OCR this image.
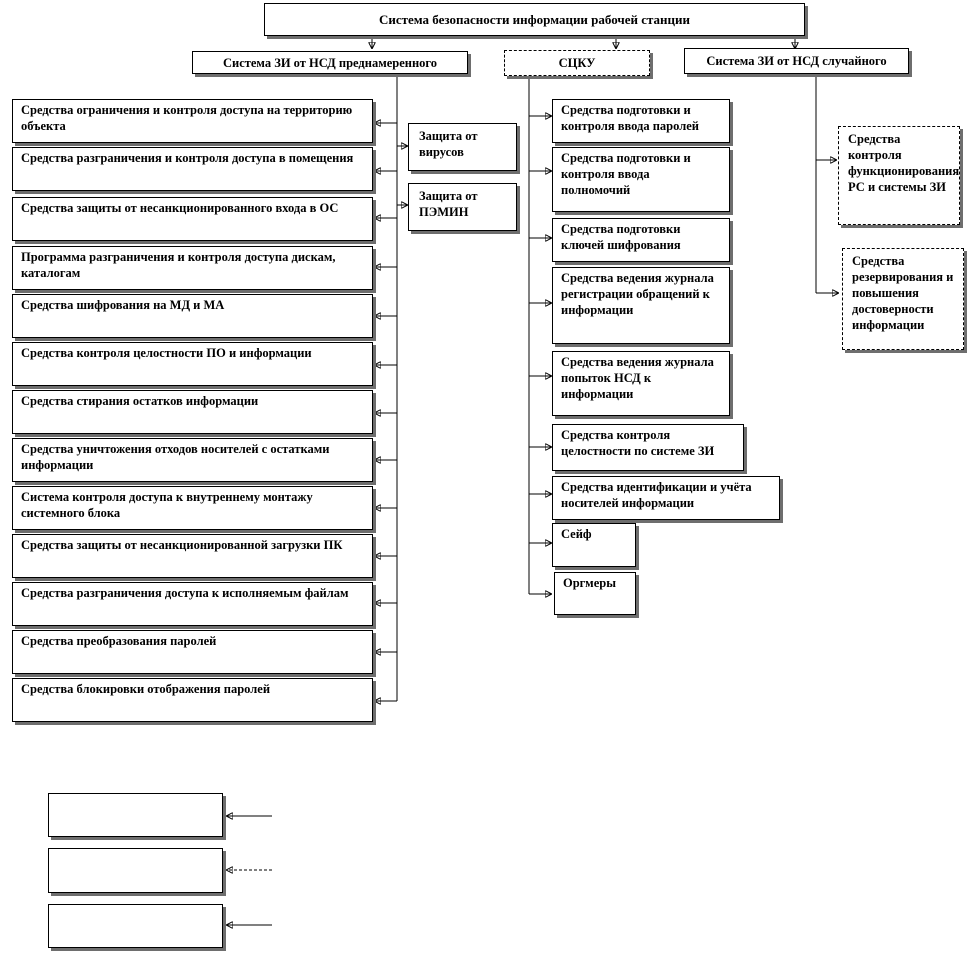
Система безопасности информации рабочей станции
Система ЗИ от НСД преднамеренного	СЦКУ	Система ЗИ от НСД случайного
Средства ограничения и контроля доступа на территорию объекта
Средства разграничения и контроля доступа в помещения
Средства защиты от несанкционированного входа в ОС
Программа разграничения и контроля доступа дискам, каталогам
Средства шифрования на МД и МА
Средства контроля целостности ПО и информации
Средства стирания остатков информации
Средства уничтожения отходов носителей с остатками информации
Система контроля доступа к внутреннему монтажу системного блока
Средства защиты от несанкционированной загрузки ПК
Средства разграничения доступа к исполняемым файлам
Средства преобразования паролей
Средства блокировки отображения паролей
Защита от вирусов
Защита от ПЭМИН
Средства подготовки и контроля ввода паролей
Средства подготовки и контроля ввода полномочий
Средства подготовки ключей шифрования
Средства ведения журнала регистрации обращений к информации
Средства ведения журнала попыток НСД к информации
Средства контроля целостности по системе ЗИ
Средства идентификации и учёта носителей информации
Сейф
Оргмеры
Средства контроля функционирования РС и системы ЗИ
Средства резервирования и повышения достоверности информации
